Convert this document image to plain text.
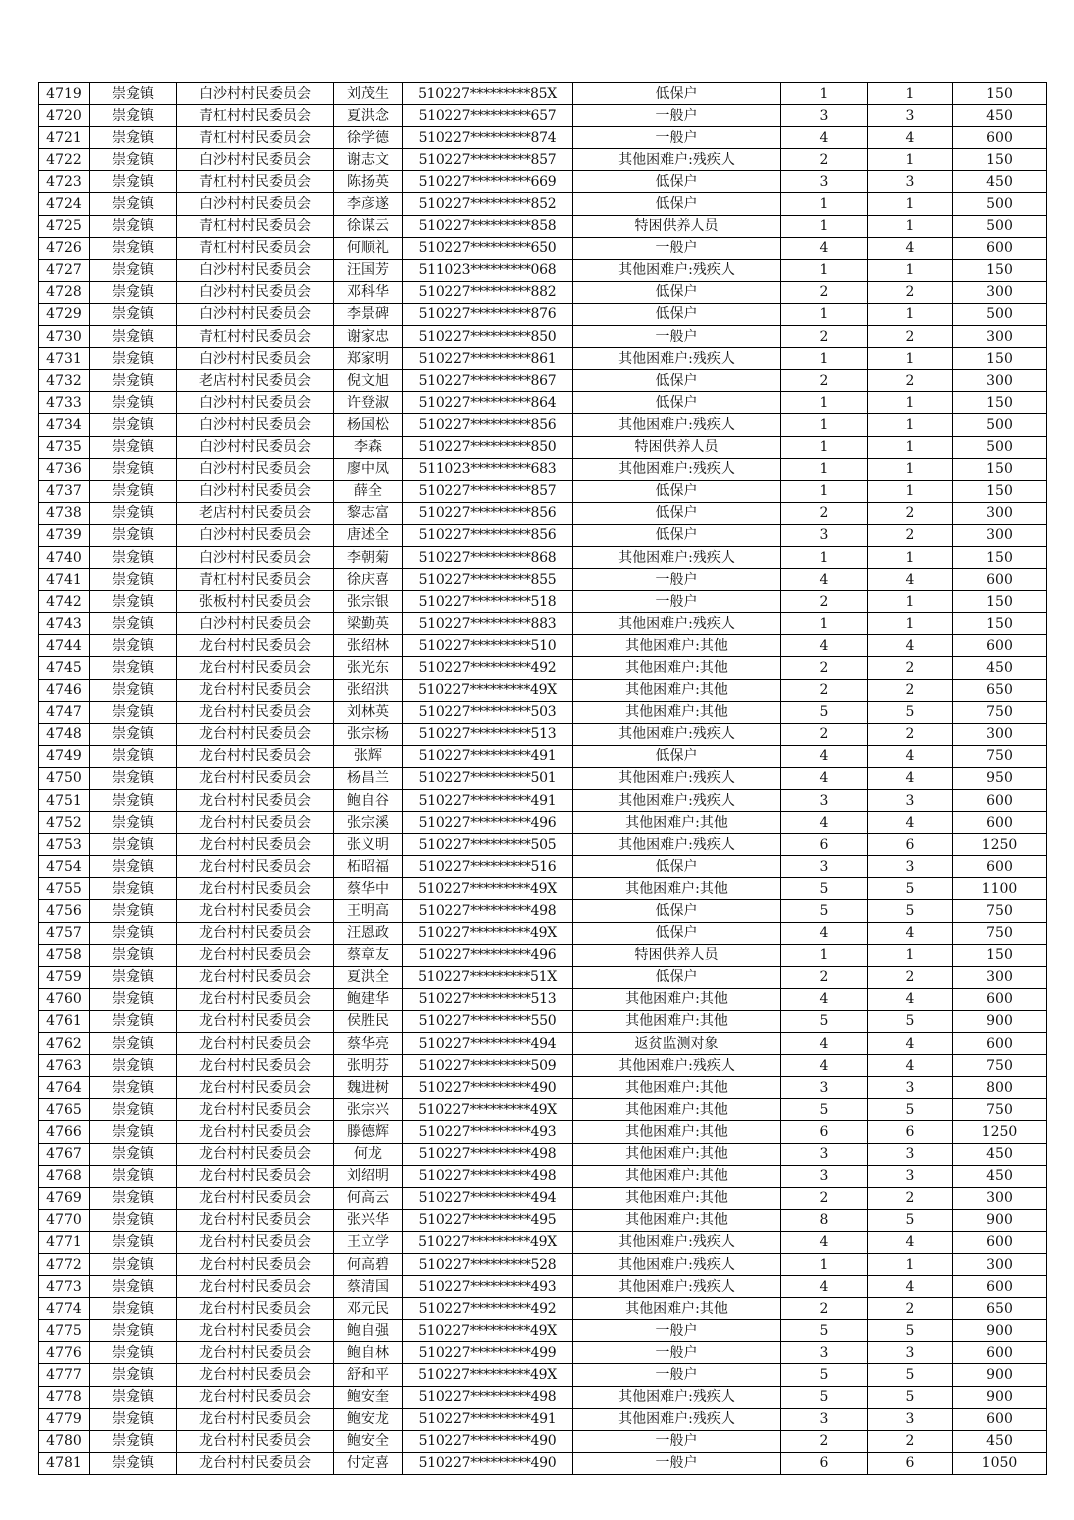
4719	崇龛镇	白沙村村民委员会	刘茂生	510227*********85X	低保户	1	1	150
4720	崇龛镇	青杠村村民委员会	夏洪念	510227*********657	一般户	3	3	450
4721	崇龛镇	青杠村村民委员会	徐学德	510227*********874	一般户	4	4	600
4722	崇龛镇	白沙村村民委员会	谢志文	510227*********857	其他困难户:残疾人	2	1	150
4723	崇龛镇	青杠村村民委员会	陈扬英	510227*********669	低保户	3	3	450
4724	崇龛镇	白沙村村民委员会	李彦遂	510227*********852	低保户	1	1	500
4725	崇龛镇	青杠村村民委员会	徐谋云	510227*********858	特困供养人员	1	1	500
4726	崇龛镇	青杠村村民委员会	何顺礼	510227*********650	一般户	4	4	600
4727	崇龛镇	白沙村村民委员会	汪国芳	511023*********068	其他困难户:残疾人	1	1	150
4728	崇龛镇	白沙村村民委员会	邓科华	510227*********882	低保户	2	2	300
4729	崇龛镇	白沙村村民委员会	李景碑	510227*********876	低保户	1	1	500
4730	崇龛镇	青杠村村民委员会	谢家忠	510227*********850	一般户	2	2	300
4731	崇龛镇	白沙村村民委员会	郑家明	510227*********861	其他困难户:残疾人	1	1	150
4732	崇龛镇	老店村村民委员会	倪文旭	510227*********867	低保户	2	2	300
4733	崇龛镇	白沙村村民委员会	许登淑	510227*********864	低保户	1	1	150
4734	崇龛镇	白沙村村民委员会	杨国松	510227*********856	其他困难户:残疾人	1	1	500
4735	崇龛镇	白沙村村民委员会	李森	510227*********850	特困供养人员	1	1	500
4736	崇龛镇	白沙村村民委员会	廖中凤	511023*********683	其他困难户:残疾人	1	1	150
4737	崇龛镇	白沙村村民委员会	薛全	510227*********857	低保户	1	1	150
4738	崇龛镇	老店村村民委员会	黎志富	510227*********856	低保户	2	2	300
4739	崇龛镇	白沙村村民委员会	唐述全	510227*********856	低保户	3	2	300
4740	崇龛镇	白沙村村民委员会	李朝菊	510227*********868	其他困难户:残疾人	1	1	150
4741	崇龛镇	青杠村村民委员会	徐庆喜	510227*********855	一般户	4	4	600
4742	崇龛镇	张板村村民委员会	张宗银	510227*********518	一般户	2	1	150
4743	崇龛镇	白沙村村民委员会	梁勤英	510227*********883	其他困难户:残疾人	1	1	150
4744	崇龛镇	龙台村村民委员会	张绍林	510227*********510	其他困难户:其他	4	4	600
4745	崇龛镇	龙台村村民委员会	张光东	510227*********492	其他困难户:其他	2	2	450
4746	崇龛镇	龙台村村民委员会	张绍洪	510227*********49X	其他困难户:其他	2	2	650
4747	崇龛镇	龙台村村民委员会	刘林英	510227*********503	其他困难户:其他	5	5	750
4748	崇龛镇	龙台村村民委员会	张宗杨	510227*********513	其他困难户:残疾人	2	2	300
4749	崇龛镇	龙台村村民委员会	张辉	510227*********491	低保户	4	4	750
4750	崇龛镇	龙台村村民委员会	杨昌兰	510227*********501	其他困难户:残疾人	4	4	950
4751	崇龛镇	龙台村村民委员会	鲍自谷	510227*********491	其他困难户:残疾人	3	3	600
4752	崇龛镇	龙台村村民委员会	张宗溪	510227*********496	其他困难户:其他	4	4	600
4753	崇龛镇	龙台村村民委员会	张义明	510227*********505	其他困难户:残疾人	6	6	1250
4754	崇龛镇	龙台村村民委员会	柘昭福	510227*********516	低保户	3	3	600
4755	崇龛镇	龙台村村民委员会	蔡华中	510227*********49X	其他困难户:其他	5	5	1100
4756	崇龛镇	龙台村村民委员会	王明高	510227*********498	低保户	5	5	750
4757	崇龛镇	龙台村村民委员会	汪恩政	510227*********49X	低保户	4	4	750
4758	崇龛镇	龙台村村民委员会	蔡章友	510227*********496	特困供养人员	1	1	150
4759	崇龛镇	龙台村村民委员会	夏洪全	510227*********51X	低保户	2	2	300
4760	崇龛镇	龙台村村民委员会	鲍建华	510227*********513	其他困难户:其他	4	4	600
4761	崇龛镇	龙台村村民委员会	侯胜民	510227*********550	其他困难户:其他	5	5	900
4762	崇龛镇	龙台村村民委员会	蔡华亮	510227*********494	返贫监测对象	4	4	600
4763	崇龛镇	龙台村村民委员会	张明芬	510227*********509	其他困难户:残疾人	4	4	750
4764	崇龛镇	龙台村村民委员会	魏进树	510227*********490	其他困难户:其他	3	3	800
4765	崇龛镇	龙台村村民委员会	张宗兴	510227*********49X	其他困难户:其他	5	5	750
4766	崇龛镇	龙台村村民委员会	滕德辉	510227*********493	其他困难户:其他	6	6	1250
4767	崇龛镇	龙台村村民委员会	何龙	510227*********498	其他困难户:其他	3	3	450
4768	崇龛镇	龙台村村民委员会	刘绍明	510227*********498	其他困难户:其他	3	3	450
4769	崇龛镇	龙台村村民委员会	何高云	510227*********494	其他困难户:其他	2	2	300
4770	崇龛镇	龙台村村民委员会	张兴华	510227*********495	其他困难户:其他	8	5	900
4771	崇龛镇	龙台村村民委员会	王立学	510227*********49X	其他困难户:残疾人	4	4	600
4772	崇龛镇	龙台村村民委员会	何高碧	510227*********528	其他困难户:残疾人	1	1	300
4773	崇龛镇	龙台村村民委员会	蔡清国	510227*********493	其他困难户:残疾人	4	4	600
4774	崇龛镇	龙台村村民委员会	邓元民	510227*********492	其他困难户:其他	2	2	650
4775	崇龛镇	龙台村村民委员会	鲍自强	510227*********49X	一般户	5	5	900
4776	崇龛镇	龙台村村民委员会	鲍自林	510227*********499	一般户	3	3	600
4777	崇龛镇	龙台村村民委员会	舒和平	510227*********49X	一般户	5	5	900
4778	崇龛镇	龙台村村民委员会	鲍安奎	510227*********498	其他困难户:残疾人	5	5	900
4779	崇龛镇	龙台村村民委员会	鲍安龙	510227*********491	其他困难户:残疾人	3	3	600
4780	崇龛镇	龙台村村民委员会	鲍安全	510227*********490	一般户	2	2	450
4781	崇龛镇	龙台村村民委员会	付定喜	510227*********490	一般户	6	6	1050
